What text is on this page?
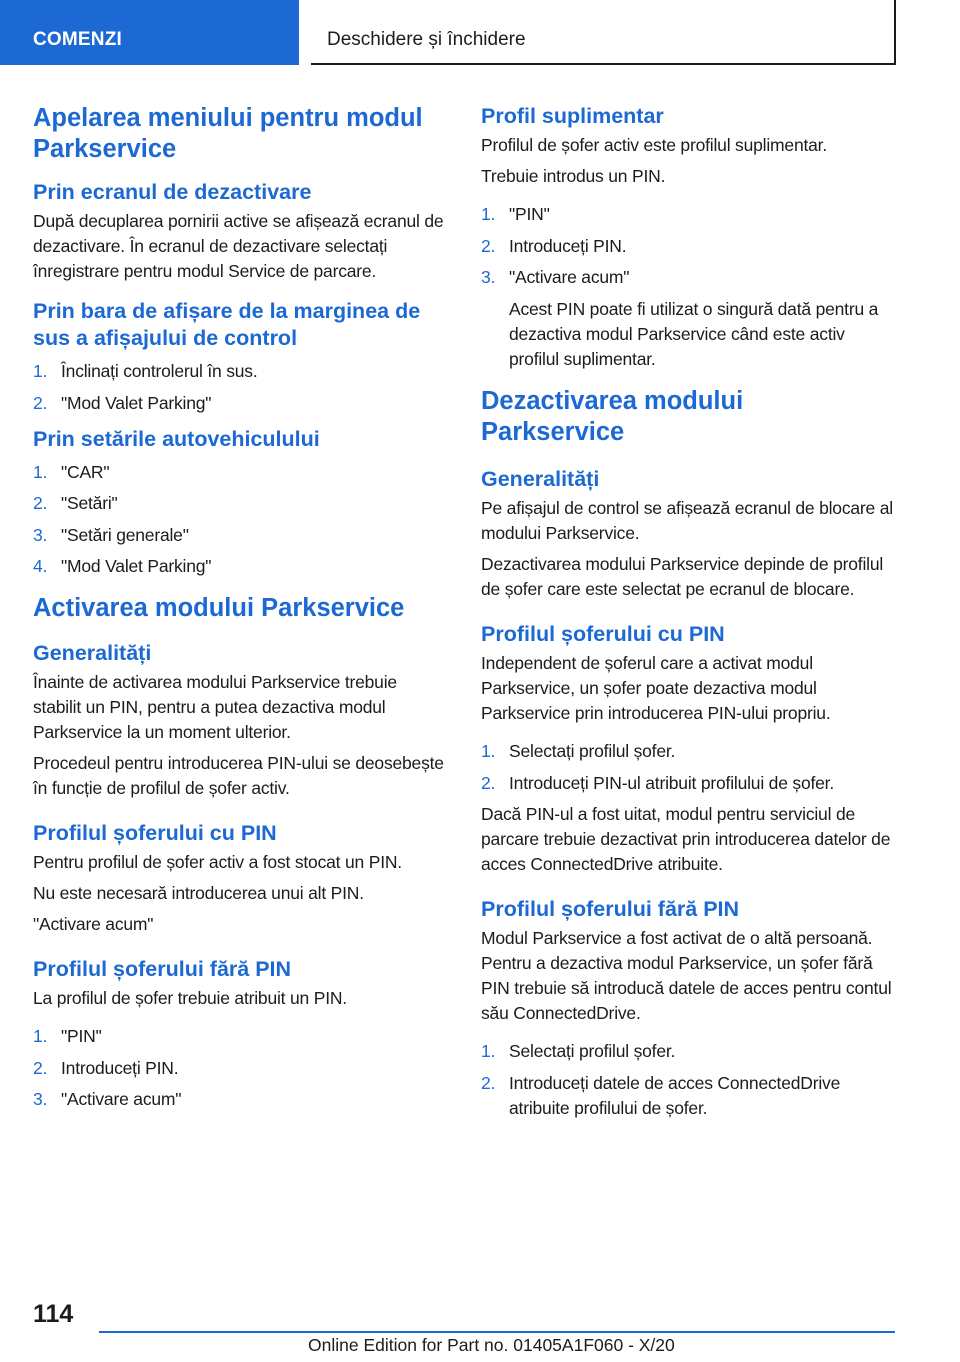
COMENZI	Deschidere și închidere
Apelarea meniului pentru modul Parkservice
Prin ecranul de dezactivare
După decuplarea pornirii active se afișează ecranul de dezactivare. În ecranul de dezactivare selectați înregistrare pentru modul Service de parcare.
Prin bara de afișare de la marginea de sus a afișajului de control
1. Înclinați controlerul în sus.
2. "Mod Valet Parking"
Prin setările autovehiculului
1. "CAR"
2. "Setări"
3. "Setări generale"
4. "Mod Valet Parking"
Activarea modului Parkservice
Generalități
Înainte de activarea modului Parkservice trebuie stabilit un PIN, pentru a putea dezactiva modul Parkservice la un moment ulterior.
Procedeul pentru introducerea PIN-ului se deosebește în funcție de profilul de șofer activ.
Profilul șoferului cu PIN
Pentru profilul de șofer activ a fost stocat un PIN.
Nu este necesară introducerea unui alt PIN.
"Activare acum"
Profilul șoferului fără PIN
La profilul de șofer trebuie atribuit un PIN.
1. "PIN"
2. Introduceți PIN.
3. "Activare acum"
Profil suplimentar
Profilul de șofer activ este profilul suplimentar.
Trebuie introdus un PIN.
1. "PIN"
2. Introduceți PIN.
3. "Activare acum"
Acest PIN poate fi utilizat o singură dată pentru a dezactiva modul Parkservice când este activ profilul suplimentar.
Dezactivarea modului Parkservice
Generalități
Pe afișajul de control se afișează ecranul de blocare al modului Parkservice.
Dezactivarea modului Parkservice depinde de profilul de șofer care este selectat pe ecranul de blocare.
Profilul șoferului cu PIN
Independent de șoferul care a activat modul Parkservice, un șofer poate dezactiva modul Parkservice prin introducerea PIN-ului propriu.
1. Selectați profilul șofer.
2. Introduceți PIN-ul atribuit profilului de șofer.
Dacă PIN-ul a fost uitat, modul pentru serviciul de parcare trebuie dezactivat prin introducerea datelor de acces ConnectedDrive atribuite.
Profilul șoferului fără PIN
Modul Parkservice a fost activat de o altă persoană. Pentru a dezactiva modul Parkservice, un șofer fără PIN trebuie să introducă datele de acces pentru contul său ConnectedDrive.
1. Selectați profilul șofer.
2. Introduceți datele de acces ConnectedDrive atribuite profilului de șofer.
114
Online Edition for Part no. 01405A1F060 - X/20
